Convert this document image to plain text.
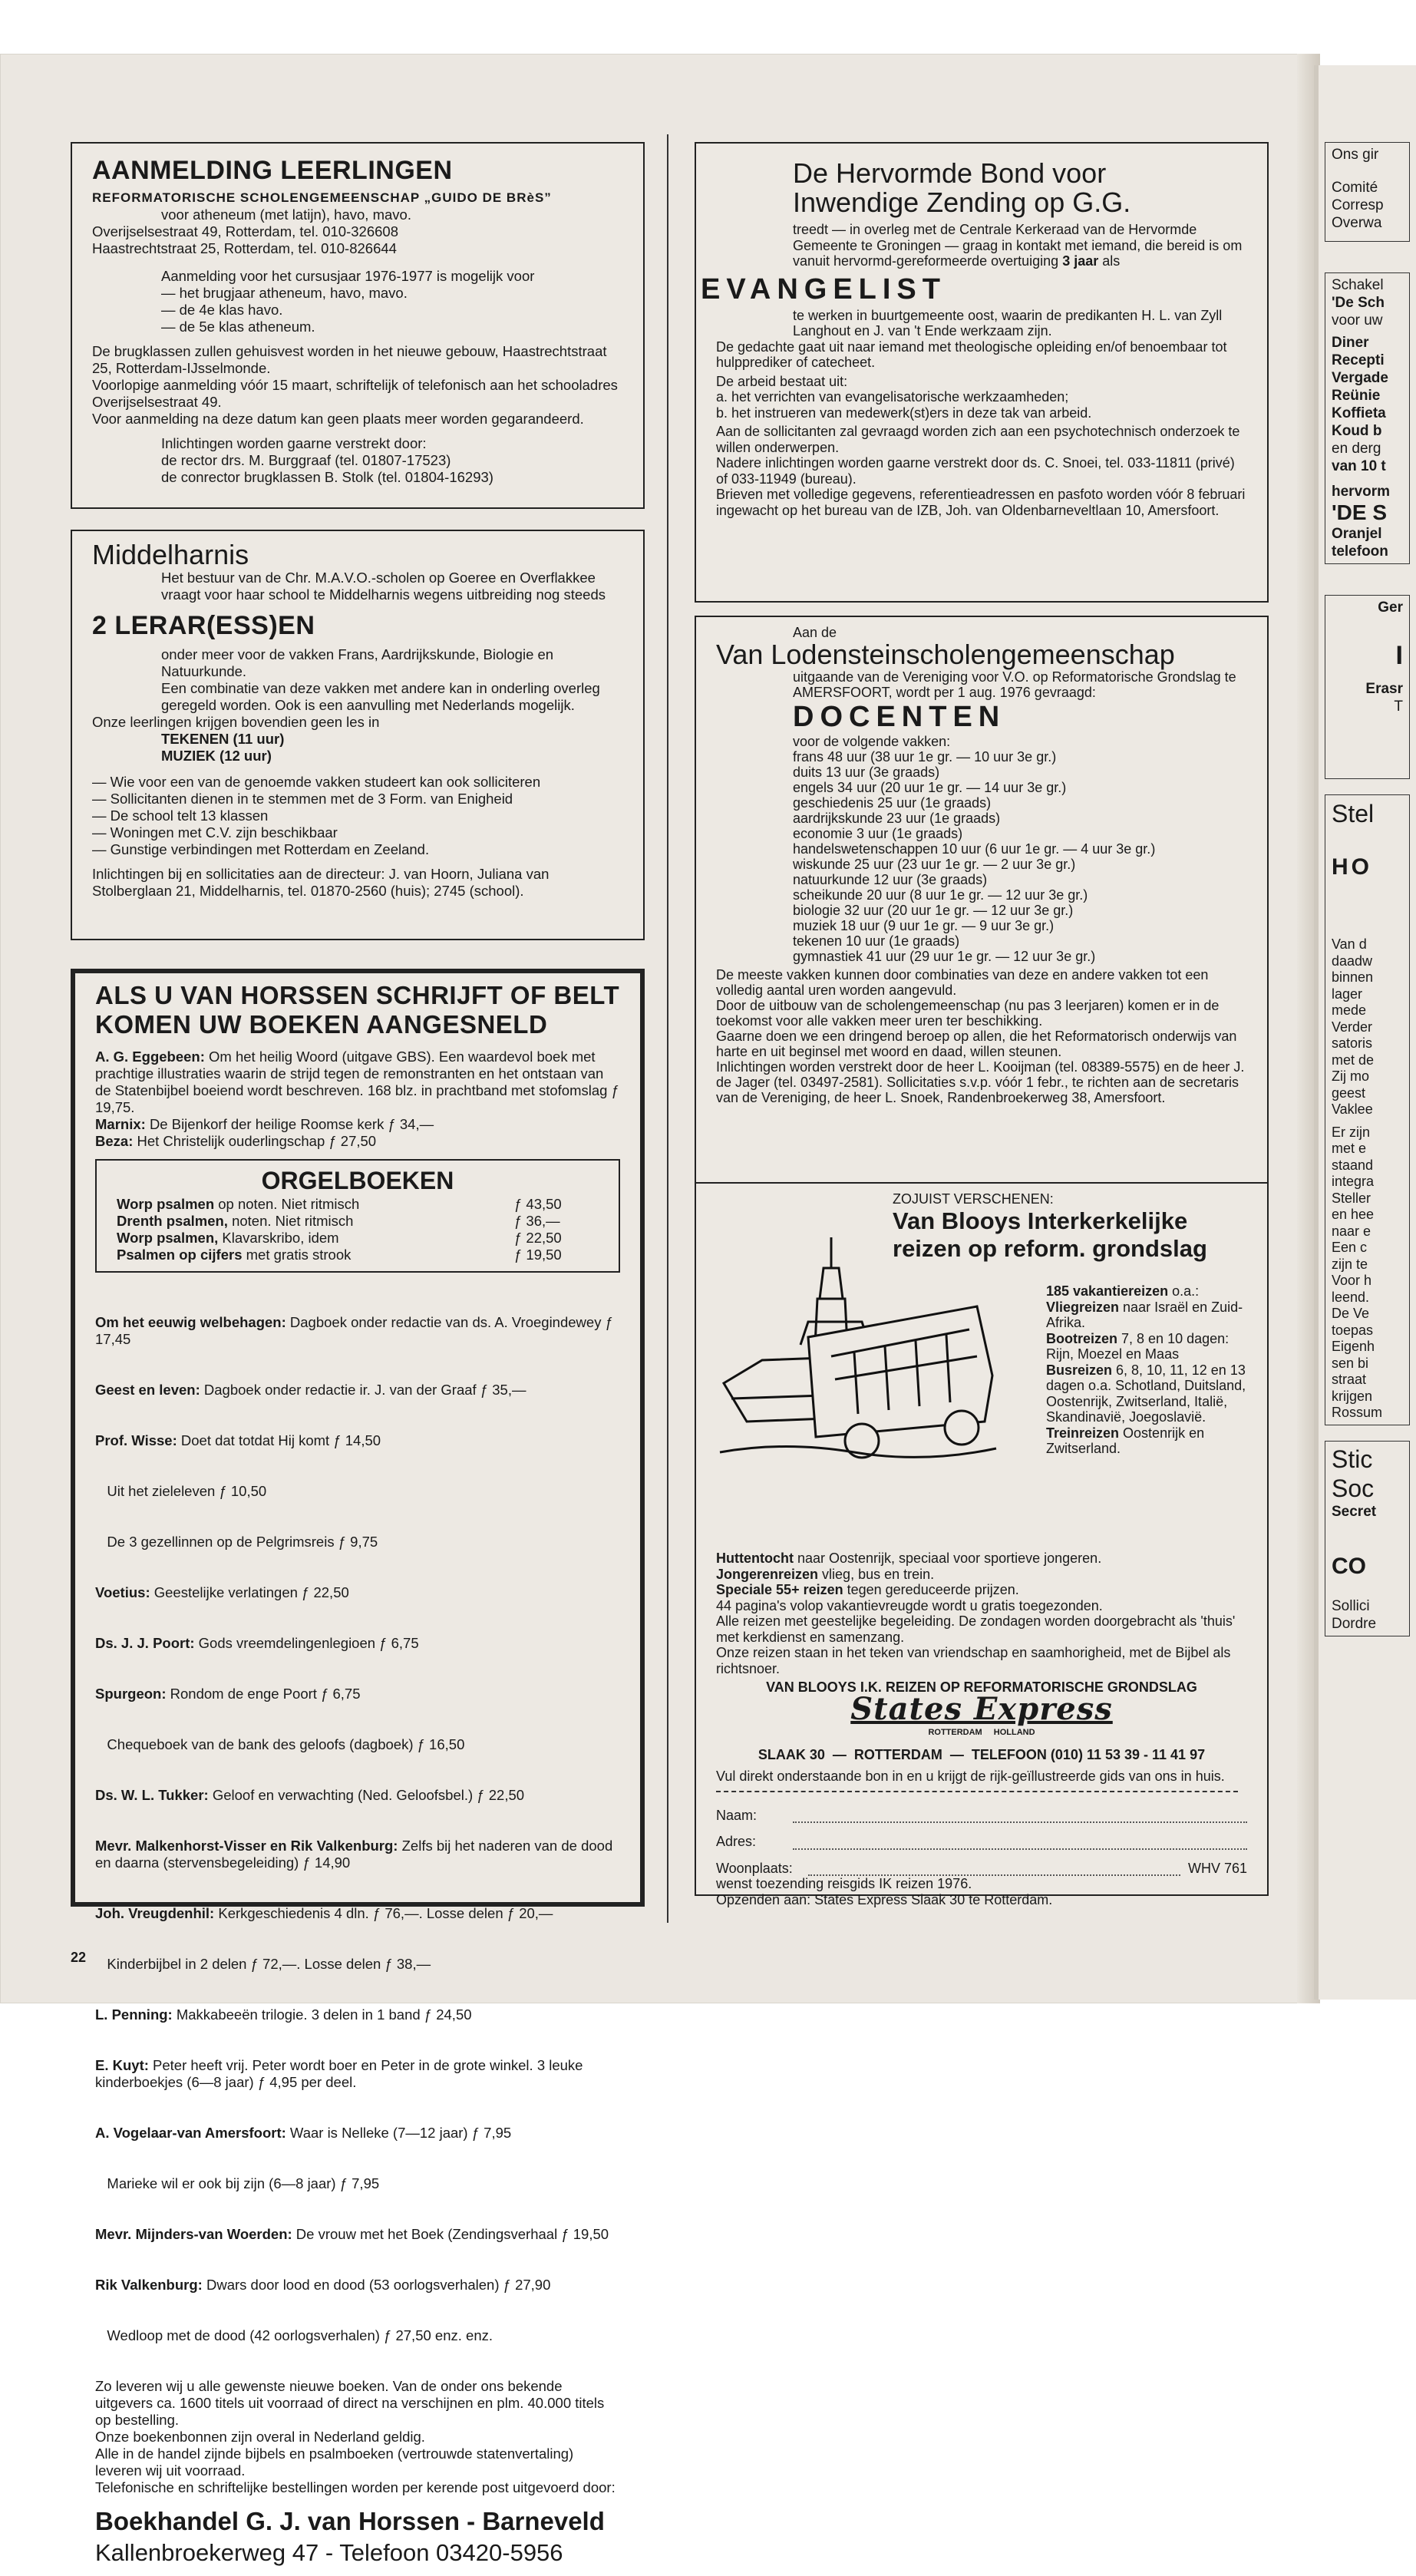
AANMELDING LEERLINGEN

REFORMATORISCHE SCHOLENGEMEENSCHAP „GUIDO DE BRèS”

voor atheneum (met latijn), havo, mavo.

Overijselsestraat 49, Rotterdam, tel. 010-326608

Haastrechtstraat 25, Rotterdam, tel. 010-826644

Aanmelding voor het cursusjaar 1976-1977 is mogelijk voor

— het brugjaar atheneum, havo, mavo.

— de 4e klas havo.

— de 5e klas atheneum.

De brugklassen zullen gehuisvest worden in het nieuwe gebouw, Haastrechtstraat 25, Rotterdam-IJsselmonde.

Voorlopige aanmelding vóór 15 maart, schriftelijk of telefonisch aan het schooladres Overijselsestraat 49.

Voor aanmelding na deze datum kan geen plaats meer worden gegarandeerd.

Inlichtingen worden gaarne verstrekt door:

de rector drs. M. Burggraaf (tel. 01807-17523)

de conrector brugklassen B. Stolk (tel. 01804-16293)

Middelharnis

Het bestuur van de Chr. M.A.V.O.-scholen op Goeree en Overflakkee vraagt voor haar school te Middelharnis wegens uitbreiding nog steeds

2 LERAR(ESS)EN

onder meer voor de vakken Frans, Aardrijkskunde, Biologie en Natuurkunde.

Een combinatie van deze vakken met andere kan in onderling overleg geregeld worden. Ook is een aanvulling met Nederlands mogelijk.

Onze leerlingen krijgen bovendien geen les in

TEKENEN (11 uur)

MUZIEK (12 uur)

— Wie voor een van de genoemde vakken studeert kan ook solliciteren

— Sollicitanten dienen in te stemmen met de 3 Form. van Enigheid

— De school telt 13 klassen

— Woningen met C.V. zijn beschikbaar

— Gunstige verbindingen met Rotterdam en Zeeland.

Inlichtingen bij en sollicitaties aan de directeur: J. van Hoorn, Juliana van Stolberglaan 21, Middelharnis, tel. 01870-2560 (huis); 2745 (school).

ALS U VAN HORSSEN SCHRIJFT OF BELT KOMEN UW BOEKEN AANGESNELD

A. G. Eggebeen: Om het heilig Woord (uitgave GBS). Een waardevol boek met prachtige illustraties waarin de strijd tegen de remonstranten en het ontstaan van de Statenbijbel boeiend wordt beschreven. 168 blz. in prachtband met stofomslag ƒ 19,75.

Marnix: De Bijenkorf der heilige Roomse kerk ƒ 34,—

Beza: Het Christelijk ouderlingschap ƒ 27,50

ORGELBOEKEN

Worp psalmen op noten. Niet ritmisch	ƒ 43,50
Drenth psalmen, noten. Niet ritmisch	ƒ 36,—
Worp psalmen, Klavarskribo, idem	ƒ 22,50
Psalmen op cijfers met gratis strook	ƒ 19,50

Om het eeuwig welbehagen: Dagboek onder redactie van ds. A. Vroegindewey ƒ 17,45

Geest en leven: Dagboek onder redactie ir. J. van der Graaf ƒ 35,—

Prof. Wisse: Doet dat totdat Hij komt ƒ 14,50

Uit het zieleleven ƒ 10,50

De 3 gezellinnen op de Pelgrimsreis ƒ 9,75

Voetius: Geestelijke verlatingen ƒ 22,50

Ds. J. J. Poort: Gods vreemdelingenlegioen ƒ 6,75

Spurgeon: Rondom de enge Poort ƒ 6,75

Chequeboek van de bank des geloofs (dagboek) ƒ 16,50

Ds. W. L. Tukker: Geloof en verwachting (Ned. Geloofsbel.) ƒ 22,50

Mevr. Malkenhorst-Visser en Rik Valkenburg: Zelfs bij het naderen van de dood en daarna (stervensbegeleiding) ƒ 14,90

Joh. Vreugdenhil: Kerkgeschiedenis 4 dln. ƒ 76,—. Losse delen ƒ 20,—

Kinderbijbel in 2 delen ƒ 72,—. Losse delen ƒ 38,—

L. Penning: Makkabeeën trilogie. 3 delen in 1 band ƒ 24,50

E. Kuyt: Peter heeft vrij. Peter wordt boer en Peter in de grote winkel. 3 leuke kinderboekjes (6—8 jaar) ƒ 4,95 per deel.

A. Vogelaar-van Amersfoort: Waar is Nelleke (7—12 jaar) ƒ 7,95

Marieke wil er ook bij zijn (6—8 jaar) ƒ 7,95

Mevr. Mijnders-van Woerden: De vrouw met het Boek (Zendingsverhaal ƒ 19,50

Rik Valkenburg: Dwars door lood en dood (53 oorlogsverhalen) ƒ 27,90

Wedloop met de dood (42 oorlogsverhalen) ƒ 27,50 enz. enz.

Zo leveren wij u alle gewenste nieuwe boeken. Van de onder ons bekende uitgevers ca. 1600 titels uit voorraad of direct na verschijnen en plm. 40.000 titels op bestelling.

Onze boekenbonnen zijn overal in Nederland geldig.

Alle in de handel zijnde bijbels en psalmboeken (vertrouwde statenvertaling) leveren wij uit voorraad.

Telefonische en schriftelijke bestellingen worden per kerende post uitgevoerd door:

Boekhandel G. J. van Horssen - Barneveld

Kallenbroekerweg 47 - Telefoon 03420-5956

De Hervormde Bond voor

Inwendige Zending op G.G.

treedt — in overleg met de Centrale Kerkeraad van de Hervormde Gemeente te Groningen — graag in kontakt met iemand, die bereid is om vanuit hervormd-gereformeerde overtuiging 3 jaar als

EVANGELIST

te werken in buurtgemeente oost, waarin de predikanten H. L. van Zyll Langhout en J. van 't Ende werkzaam zijn.

De gedachte gaat uit naar iemand met theologische opleiding en/of benoembaar tot hulpprediker of catecheet.

De arbeid bestaat uit:

a. het verrichten van evangelisatorische werkzaamheden;

b. het instrueren van medewerk(st)ers in deze tak van arbeid.

Aan de sollicitanten zal gevraagd worden zich aan een psychotechnisch onderzoek te willen onderwerpen.

Nadere inlichtingen worden gaarne verstrekt door ds. C. Snoei, tel. 033-11811 (privé) of 033-11949 (bureau).

Brieven met volledige gegevens, referentieadressen en pasfoto worden vóór 8 februari ingewacht op het bureau van de IZB, Joh. van Oldenbarneveltlaan 10, Amersfoort.

Aan de

Van Lodensteinscholengemeenschap

uitgaande van de Vereniging voor V.O. op Reformatorische Grondslag te AMERSFOORT, wordt per 1 aug. 1976 gevraagd:

DOCENTEN

voor de volgende vakken:

frans 48 uur (38 uur 1e gr. — 10 uur 3e gr.)

duits 13 uur (3e graads)

engels 34 uur (20 uur 1e gr. — 14 uur 3e gr.)

geschiedenis 25 uur (1e graads)

aardrijkskunde 23 uur (1e graads)

economie 3 uur (1e graads)

handelswetenschappen 10 uur (6 uur 1e gr. — 4 uur 3e gr.)

wiskunde 25 uur (23 uur 1e gr. — 2 uur 3e gr.)

natuurkunde 12 uur (3e graads)

scheikunde 20 uur (8 uur 1e gr. — 12 uur 3e gr.)

biologie 32 uur (20 uur 1e gr. — 12 uur 3e gr.)

muziek 18 uur (9 uur 1e gr. — 9 uur 3e gr.)

tekenen 10 uur (1e graads)

gymnastiek 41 uur (29 uur 1e gr. — 12 uur 3e gr.)

De meeste vakken kunnen door combinaties van deze en andere vakken tot een volledig aantal uren worden aangevuld.

Door de uitbouw van de scholengemeenschap (nu pas 3 leerjaren) komen er in de toekomst voor alle vakken meer uren ter beschikking.

Gaarne doen we een dringend beroep op allen, die het Reformatorisch onderwijs van harte en uit beginsel met woord en daad, willen steunen.

Inlichtingen worden verstrekt door de heer L. Kooijman (tel. 08389-5575) en de heer J. de Jager (tel. 03497-2581). Sollicitaties s.v.p. vóór 1 febr., te richten aan de secretaris van de Vereniging, de heer L. Snoek, Randenbroekerweg 38, Amersfoort.

ZOJUIST VERSCHENEN:

Van Blooys Interkerkelijke

reizen op reform. grondslag

185 vakantiereizen o.a.:

Vliegreizen naar Israël en Zuid-Afrika.

Bootreizen 7, 8 en 10 dagen: Rijn, Moezel en Maas

Busreizen 6, 8, 10, 11, 12 en 13 dagen o.a. Schotland, Duitsland, Oostenrijk, Zwitserland, Italië, Skandinavië, Joegoslavië.

Treinreizen Oostenrijk en Zwitserland.

Huttentocht naar Oostenrijk, speciaal voor sportieve jongeren.

Jongerenreizen vlieg, bus en trein.

Speciale 55+ reizen tegen gereduceerde prijzen.

44 pagina's volop vakantievreugde wordt u gratis toegezonden.

Alle reizen met geestelijke begeleiding. De zondagen worden doorgebracht als 'thuis' met kerkdienst en samenzang.

Onze reizen staan in het teken van vriendschap en saamhorigheid, met de Bijbel als richtsnoer.

VAN BLOOYS I.K. REIZEN OP REFORMATORISCHE GRONDSLAG

States Express
ROTTERDAM HOLLAND

SLAAK 30  —  ROTTERDAM  —  TELEFOON (010) 11 53 39 - 11 41 97

Vul direkt onderstaande bon in en u krijgt de rijk-geïllustreerde gids van ons in huis.

Naam:
Adres:
Woonplaats:	WHV 761

wenst toezending reisgids IK reizen 1976.

Opzenden aan: States Express Slaak 30 te Rotterdam.

22

Ons gir

Comité

Corresp

Overwa

Schakel

'De Sch

voor uw

Diner

Recepti

Vergade

Reünie

Koffieta

Koud b

en derg

van 10 t

hervorm

'DE S

Oranjel

telefoon

Ger

I

Erasr

T

Stel

HO

Van d

daadw

binnen

lager

mede

Verder

satoris

met de

Zij mo

geest

Vaklee

Er zijn

met e

staand

integra

Steller

en hee

naar e

Een c

zijn te

Voor h

leend.

De Ve

toepas

Eigenh

sen bi

straat

krijgen

Rossum

Stic

Soc

Secret

CO

Sollici

Dordre
